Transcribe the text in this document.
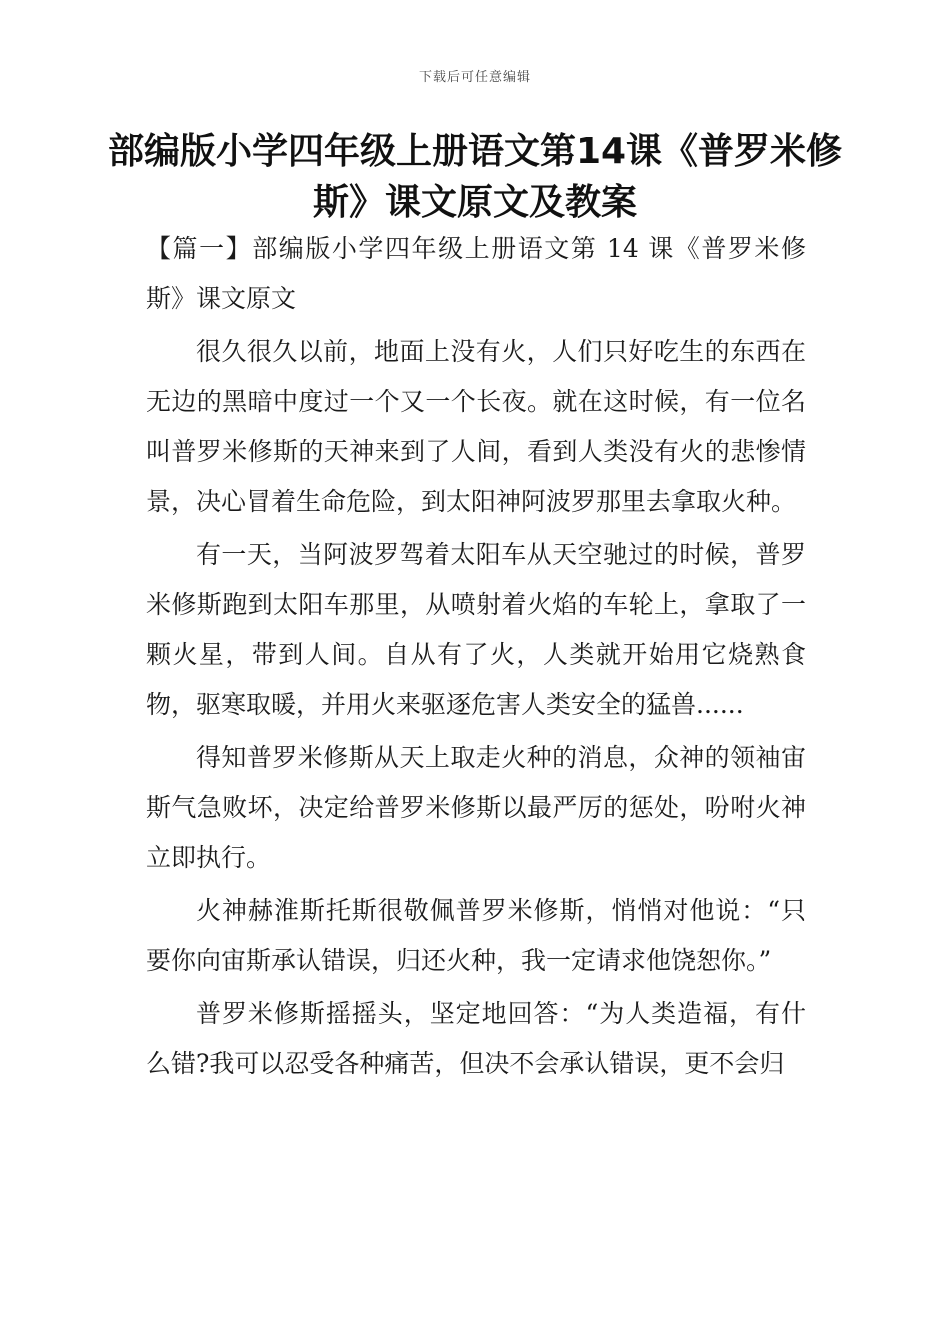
下载后可任意编辑
部编版小学四年级上册语文第14课《普罗米修斯》课文原文及教案

【篇一】部编版小学四年级上册语文第 14 课《普罗米修斯》课文原文

很久很久以前，地面上没有火，人们只好吃生的东西在无边的黑暗中度过一个又一个长夜。就在这时候，有一位名叫普罗米修斯的天神来到了人间，看到人类没有火的悲惨情景，决心冒着生命危险，到太阳神阿波罗那里去拿取火种。

有一天，当阿波罗驾着太阳车从天空驰过的时候，普罗米修斯跑到太阳车那里，从喷射着火焰的车轮上，拿取了一颗火星，带到人间。自从有了火，人类就开始用它烧熟食物，驱寒取暖，并用火来驱逐危害人类安全的猛兽......

得知普罗米修斯从天上取走火种的消息，众神的领袖宙斯气急败坏，决定给普罗米修斯以最严厉的惩处，吩咐火神立即执行。

火神赫淮斯托斯很敬佩普罗米修斯，悄悄对他说：“只要你向宙斯承认错误，归还火种，我一定请求他饶恕你。”

普罗米修斯摇摇头，坚定地回答：“为人类造福，有什么错?我可以忍受各种痛苦，但决不会承认错误，更不会归
